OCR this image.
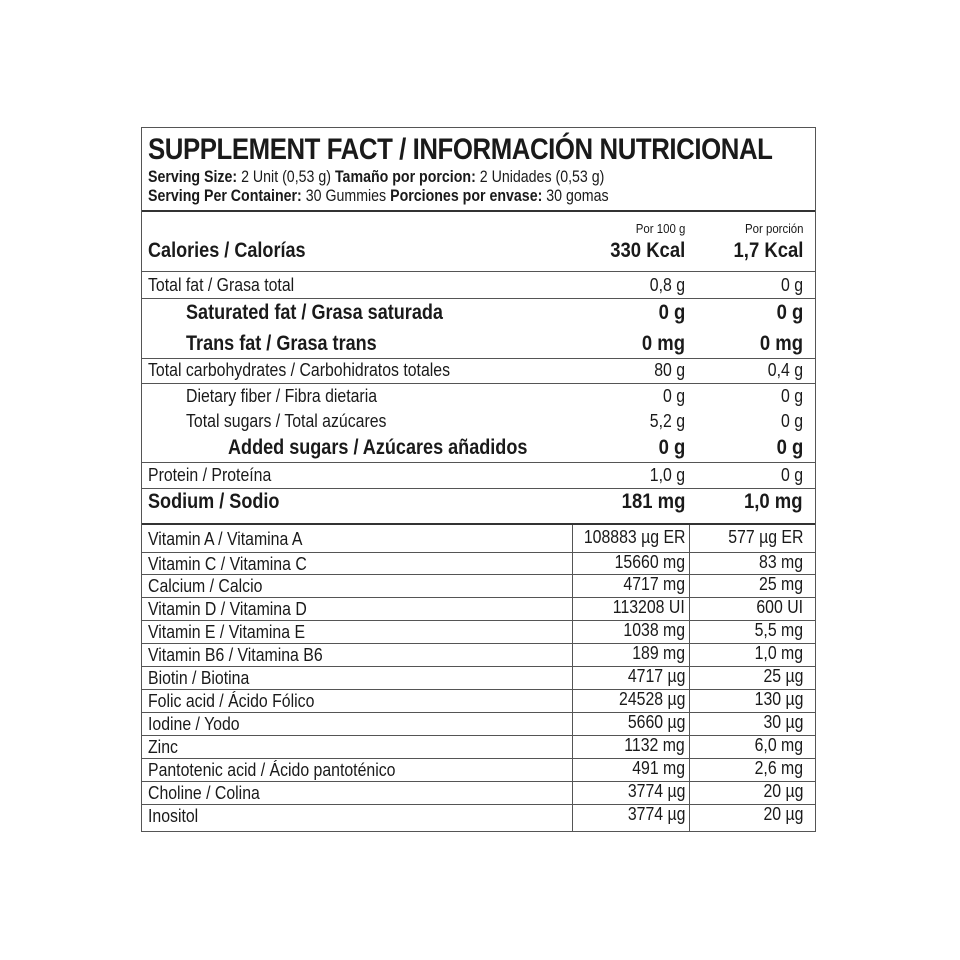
SUPPLEMENT FACT / INFORMACIÓN NUTRICIONAL
Serving Size: 2 Unit (0,53 g) Tamaño por porcion: 2 Unidades (0,53 g)
Serving Per Container: 30 Gummies Porciones por envase: 30 gomas
Por 100 g	Por porción
Calories / Calorías	330 Kcal	1,7 Kcal
Total fat / Grasa total	0,8 g	0 g
Saturated fat / Grasa saturada	0 g	0 g
Trans fat / Grasa trans	0 mg	0 mg
Total carbohydrates / Carbohidratos totales	80 g	0,4 g
Dietary fiber / Fibra dietaria	0 g	0 g
Total sugars / Total azúcares	5,2 g	0 g
Added sugars / Azúcares añadidos	0 g	0 g
Protein / Proteína	1,0 g	0 g
Sodium / Sodio	181 mg	1,0 mg
Vitamin A / Vitamina A	108883 µg ER	577 µg ER
Vitamin C / Vitamina C	15660 mg	83 mg
Calcium / Calcio	4717 mg	25 mg
Vitamin D / Vitamina D	113208 UI	600 UI
Vitamin E / Vitamina E	1038 mg	5,5 mg
Vitamin B6 / Vitamina B6	189 mg	1,0 mg
Biotin / Biotina	4717 µg	25 µg
Folic acid / Ácido Fólico	24528 µg	130 µg
Iodine / Yodo	5660 µg	30 µg
Zinc	1132 mg	6,0 mg
Pantotenic acid / Ácido pantoténico	491 mg	2,6 mg
Choline / Colina	3774 µg	20 µg
Inositol	3774 µg	20 µg
